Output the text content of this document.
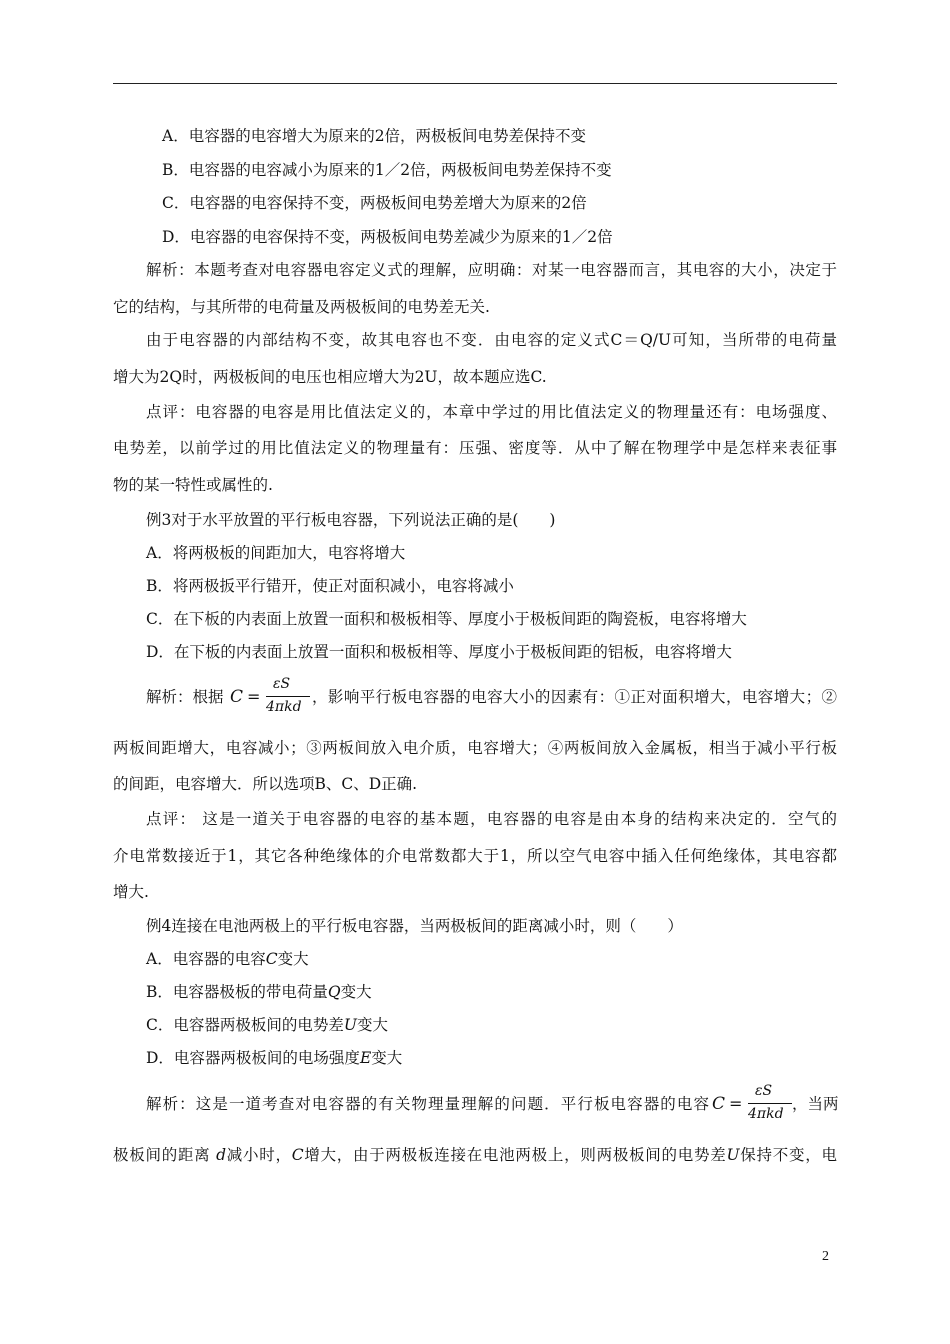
A．电容器的电容增大为原来的2倍，两极板间电势差保持不变
B．电容器的电容减小为原来的1／2倍，两极板间电势差保持不变
C．电容器的电容保持不变，两极板间电势差增大为原来的2倍
D．电容器的电容保持不变，两极板间电势差减少为原来的1／2倍
解析：本题考查对电容器电容定义式的理解，应明确：对某一电容器而言，其电容的大小，决定于
它的结构，与其所带的电荷量及两极板间的电势差无关.
由于电容器的内部结构不变，故其电容也不变．由电容的定义式C＝Q/U可知，当所带的电荷量
增大为2Q时，两极板间的电压也相应增大为2U，故本题应选C.
点评：电容器的电容是用比值法定义的，本章中学过的用比值法定义的物理量还有：电场强度、
电势差，以前学过的用比值法定义的物理量有：压强、密度等．从中了解在物理学中是怎样来表征事
物的某一特性或属性的.
例3对于水平放置的平行板电容器，下列说法正确的是(　　)
A．将两极板的间距加大，电容将增大
B．将两极扳平行错开，使正对面积减小，电容将减小
C．在下板的内表面上放置一面积和极板相等、厚度小于极板间距的陶瓷板，电容将增大
D．在下板的内表面上放置一面积和极板相等、厚度小于极板间距的铝板，电容将增大
解析：根据 C =
εS
4πkd
，影响平行板电容器的电容大小的因素有：①正对面积增大，电容增大；②
两板间距增大，电容减小；③两板间放入电介质，电容增大；④两板间放入金属板，相当于减小平行板
的间距，电容增大．所以选项B、C、D正确.
点评： 这是一道关于电容器的电容的基本题，电容器的电容是由本身的结构来决定的．空气的
介电常数接近于1，其它各种绝缘体的介电常数都大于1，所以空气电容中插入任何绝缘体，其电容都
增大.
例4连接在电池两极上的平行板电容器，当两极板间的距离减小时，则（　　）
A．电容器的电容C变大
B．电容器极板的带电荷量Q变大
C．电容器两极板间的电势差U变大
D．电容器两极板间的电场强度E变大
解析：这是一道考查对电容器的有关物理量理解的问题．平行板电容器的电容 C =
εS
4πkd
，当两
极板间的距离 d减小时，C增大，由于两极板连接在电池两极上，则两极板间的电势差U保持不变，电
2
